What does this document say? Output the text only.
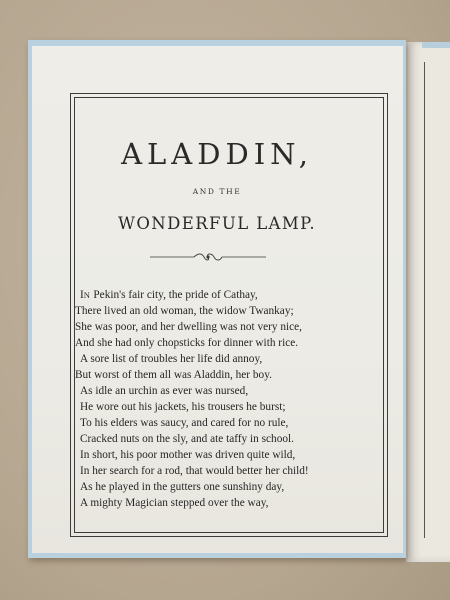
ALADDIN,
AND THE
WONDERFUL LAMP.
IN Pekin's fair city, the pride of Cathay,
There lived an old woman, the widow Twankay;
She was poor, and her dwelling was not very nice,
And she had only chopsticks for dinner with rice.
A sore list of troubles her life did annoy,
But worst of them all was Aladdin, her boy.
As idle an urchin as ever was nursed,
He wore out his jackets, his trousers he burst;
To his elders was saucy, and cared for no rule,
Cracked nuts on the sly, and ate taffy in school.
In short, his poor mother was driven quite wild,
In her search for a rod, that would better her child!
As he played in the gutters one sunshiny day,
A mighty Magician stepped over the way,
